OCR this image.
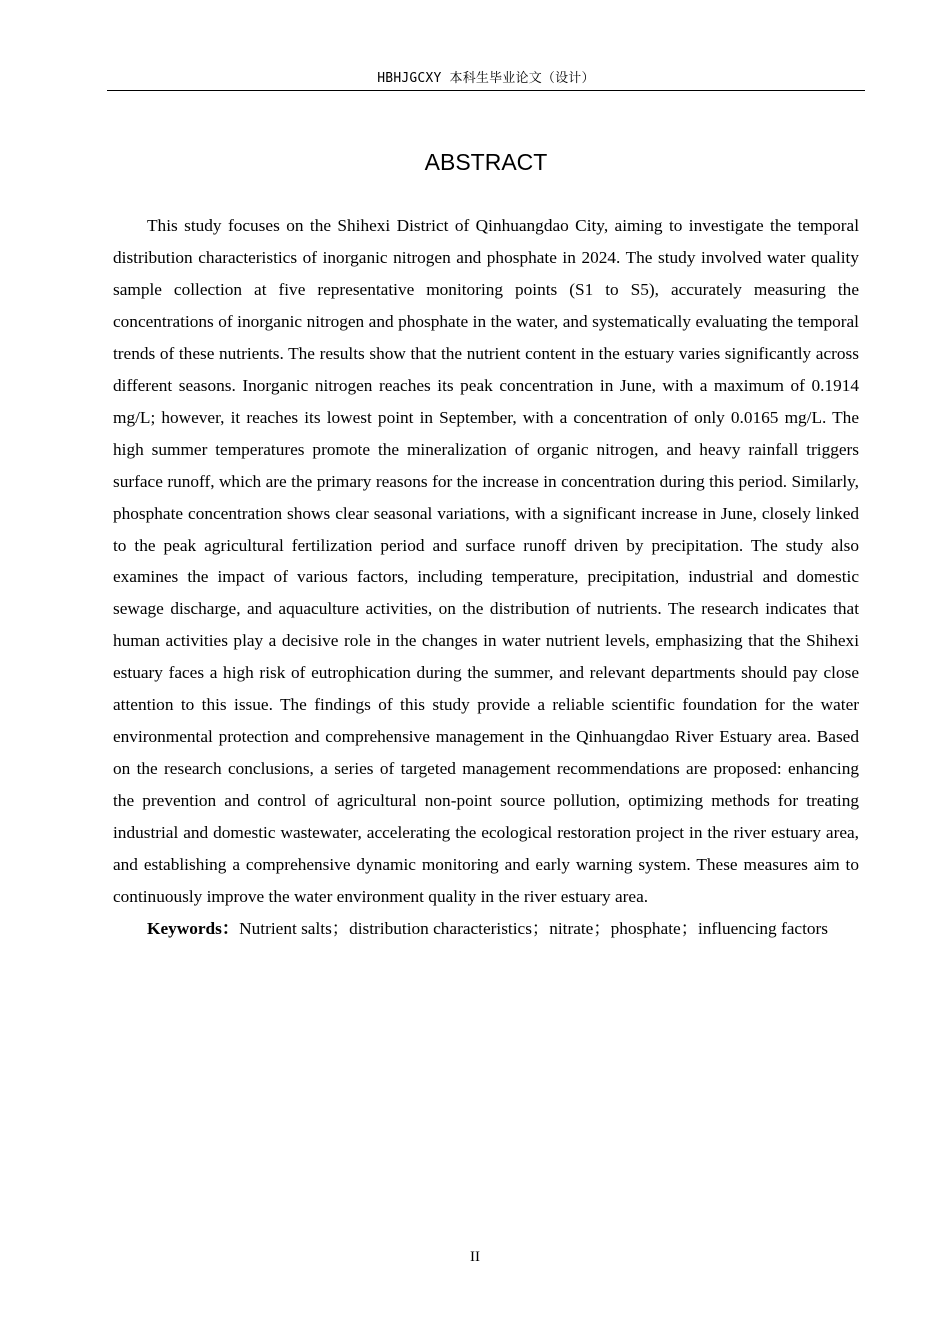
HBHJGCXY 本科生毕业论文（设计）
ABSTRACT

This study focuses on the Shihexi District of Qinhuangdao City, aiming to investigate the temporal distribution characteristics of inorganic nitrogen and phosphate in 2024. The study involved water quality sample collection at five representative monitoring points (S1 to S5), accurately measuring the concentrations of inorganic nitrogen and phosphate in the water, and systematically evaluating the temporal trends of these nutrients. The results show that the nutrient content in the estuary varies significantly across different seasons. Inorganic nitrogen reaches its peak concentration in June, with a maximum of 0.1914 mg/L; however, it reaches its lowest point in September, with a concentration of only 0.0165 mg/L. The high summer temperatures promote the mineralization of organic nitrogen, and heavy rainfall triggers surface runoff, which are the primary reasons for the increase in concentration during this period. Similarly, phosphate concentration shows clear seasonal variations, with a significant increase in June, closely linked to the peak agricultural fertilization period and surface runoff driven by precipitation. The study also examines the impact of various factors, including temperature, precipitation, industrial and domestic sewage discharge, and aquaculture activities, on the distribution of nutrients. The research indicates that human activities play a decisive role in the changes in water nutrient levels, emphasizing that the Shihexi estuary faces a high risk of eutrophication during the summer, and relevant departments should pay close attention to this issue. The findings of this study provide a reliable scientific foundation for the water environmental protection and comprehensive management in the Qinhuangdao River Estuary area. Based on the research conclusions, a series of targeted management recommendations are proposed: enhancing the prevention and control of agricultural non-point source pollution, optimizing methods for treating industrial and domestic wastewater, accelerating the ecological restoration project in the river estuary area, and establishing a comprehensive dynamic monitoring and early warning system. These measures aim to continuously improve the water environment quality in the river estuary area.

Keywords：Nutrient salts；distribution characteristics；nitrate；phosphate；influencing factors

II
